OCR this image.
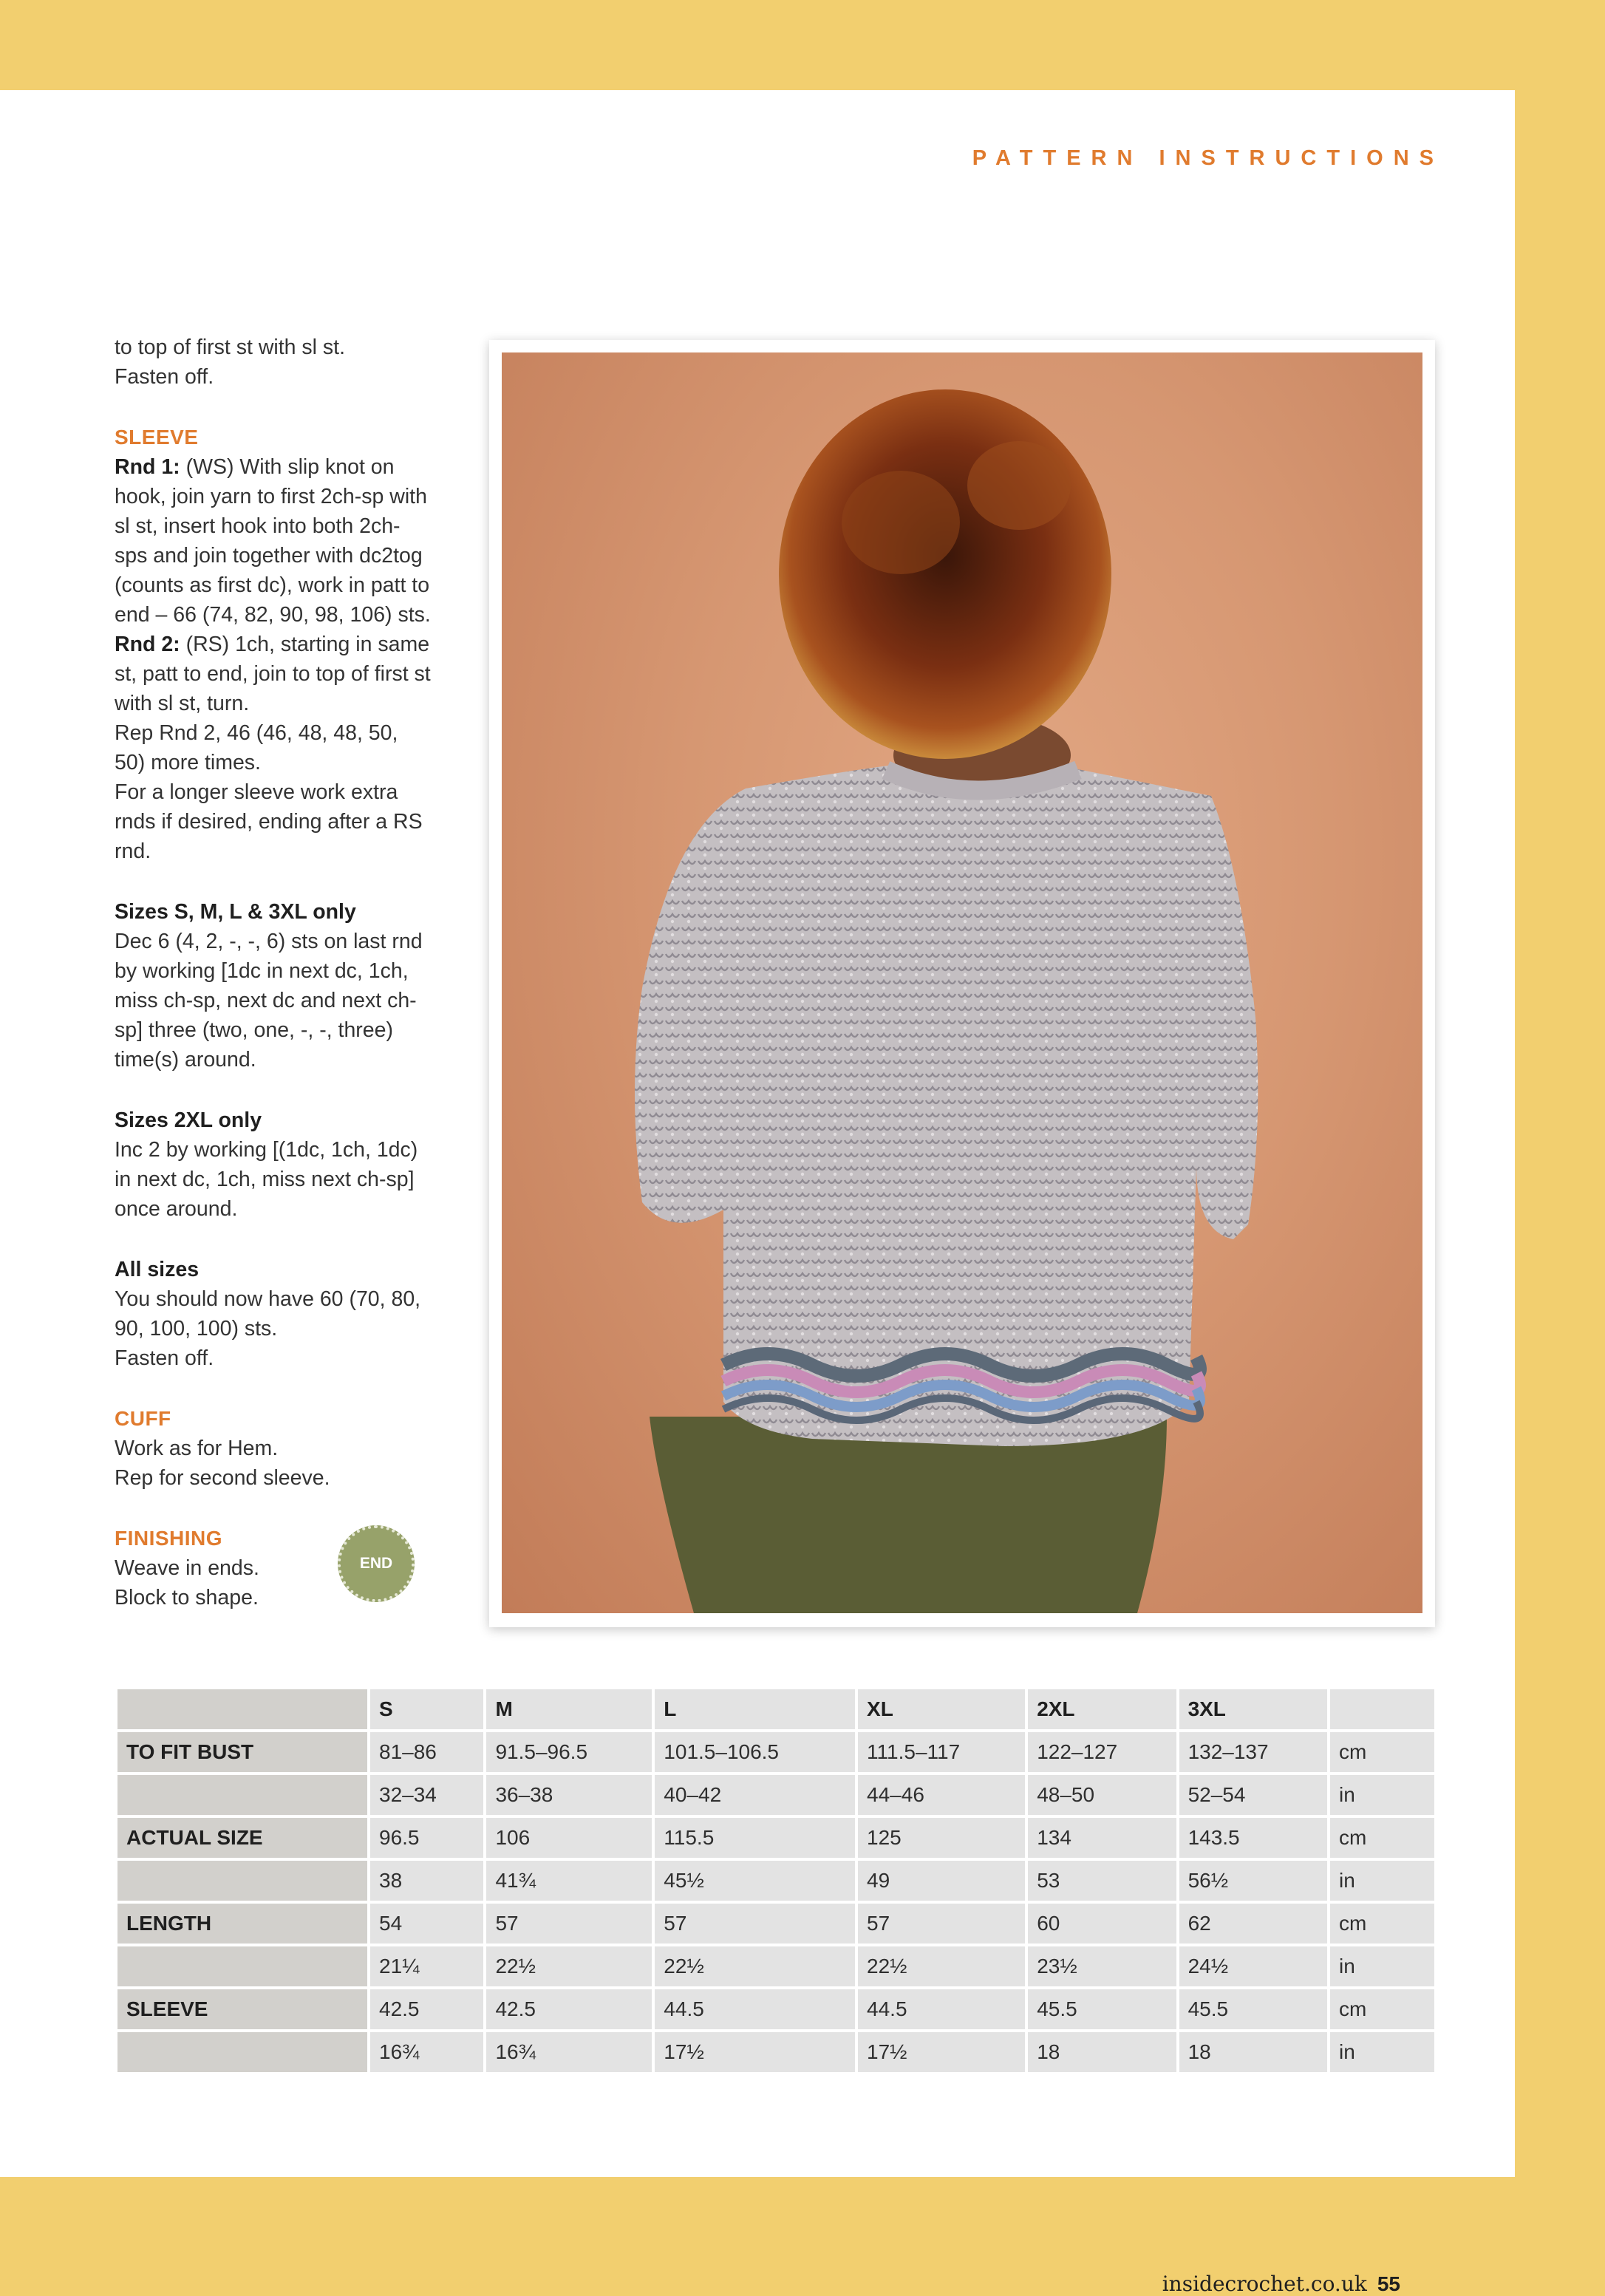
PATTERN INSTRUCTIONS

to top of first st with sl st.

Fasten off.

SLEEVE

Rnd 1: (WS) With slip knot on hook, join yarn to first 2ch-sp with sl st, insert hook into both 2ch-sps and join together with dc2tog (counts as first dc), work in patt to end – 66 (74, 82, 90, 98, 106) sts.

Rnd 2: (RS) 1ch, starting in same st, patt to end, join to top of first st with sl st, turn.

Rep Rnd 2, 46 (46, 48, 48, 50, 50) more times.

For a longer sleeve work extra rnds if desired, ending after a RS rnd.

Sizes S, M, L & 3XL only

Dec 6 (4, 2, -, -, 6) sts on last rnd by working [1dc in next dc, 1ch, miss ch-sp, next dc and next ch-sp] three (two, one, -, -, three) time(s) around.

Sizes 2XL only

Inc 2 by working [(1dc, 1ch, 1dc) in next dc, 1ch, miss next ch-sp] once around.

All sizes

You should now have 60 (70, 80, 90, 100, 100) sts.

Fasten off.

CUFF

Work as for Hem.

Rep for second sleeve.

FINISHING

Weave in ends.

Block to shape.

END
	S	M	L	XL	2XL	3XL	
TO FIT BUST	81–86	91.5–96.5	101.5–106.5	111.5–117	122–127	132–137	cm
	32–34	36–38	40–42	44–46	48–50	52–54	in
ACTUAL SIZE	96.5	106	115.5	125	134	143.5	cm
	38	41¾	45½	49	53	56½	in
LENGTH	54	57	57	57	60	62	cm
	21¼	22½	22½	22½	23½	24½	in
SLEEVE	42.5	42.5	44.5	44.5	45.5	45.5	cm
	16¾	16¾	17½	17½	18	18	in
insidecrochet.co.uk 55
